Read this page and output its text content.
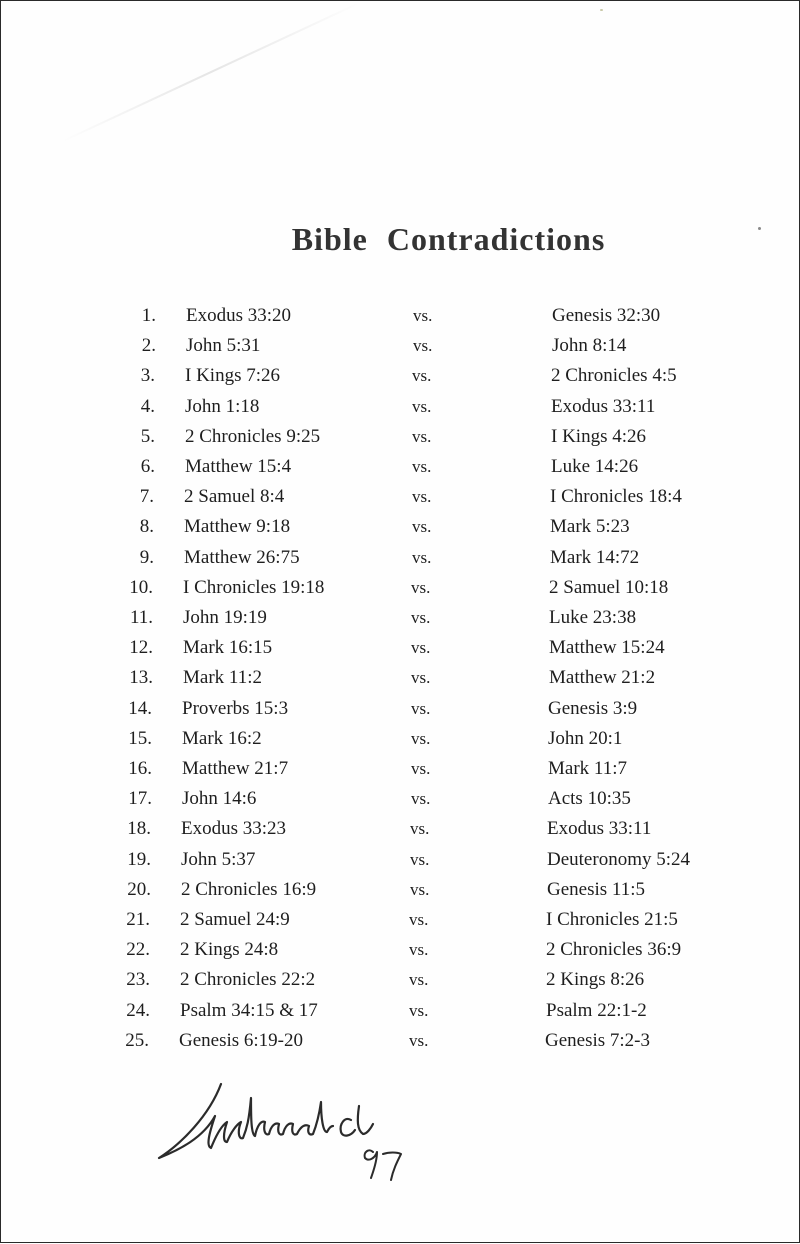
Bible Contradictions
1. Exodus 33:20	vs.	Genesis 32:30
2. John 5:31	vs.	John 8:14
3. I Kings 7:26	vs.	2 Chronicles 4:5
4. John 1:18	vs.	Exodus 33:11
5. 2 Chronicles 9:25	vs.	I Kings 4:26
6. Matthew 15:4	vs.	Luke 14:26
7. 2 Samuel 8:4	vs.	I Chronicles 18:4
8. Matthew 9:18	vs.	Mark 5:23
9. Matthew 26:75	vs.	Mark 14:72
10. I Chronicles 19:18	vs.	2 Samuel 10:18
11. John 19:19	vs.	Luke 23:38
12. Mark 16:15	vs.	Matthew 15:24
13. Mark 11:2	vs.	Matthew 21:2
14. Proverbs 15:3	vs.	Genesis 3:9
15. Mark 16:2	vs.	John 20:1
16. Matthew 21:7	vs.	Mark 11:7
17. John 14:6	vs.	Acts 10:35
18. Exodus 33:23	vs.	Exodus 33:11
19. John 5:37	vs.	Deuteronomy 5:24
20. 2 Chronicles 16:9	vs.	Genesis 11:5
21. 2 Samuel 24:9	vs.	I Chronicles 21:5
22. 2 Kings 24:8	vs.	2 Chronicles 36:9
23. 2 Chronicles 22:2	vs.	2 Kings 8:26
24. Psalm 34:15 & 17	vs.	Psalm 22:1-2
25. Genesis 6:19-20	vs.	Genesis 7:2-3
